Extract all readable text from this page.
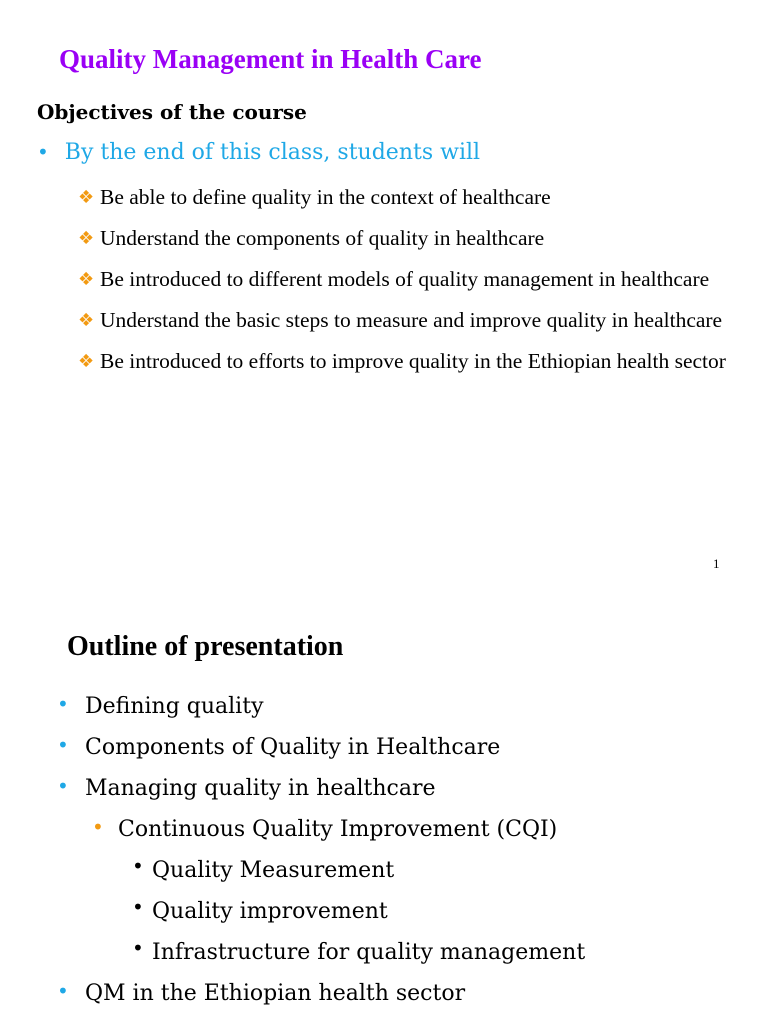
Quality Management in Health Care
Objectives of the course
• By the end of this class, students will
❖ Be able to define quality in the context of healthcare
❖ Understand the components of quality in healthcare
❖ Be introduced to different models of quality management in healthcare
❖ Understand the basic steps to measure and improve quality in healthcare
❖ Be introduced to efforts to improve quality in the Ethiopian health sector
1
Outline of presentation
• Defining quality
• Components of Quality in Healthcare
• Managing quality in healthcare
• Continuous Quality Improvement (CQI)
• Quality Measurement
• Quality improvement
• Infrastructure for quality management
• QM in the Ethiopian health sector
